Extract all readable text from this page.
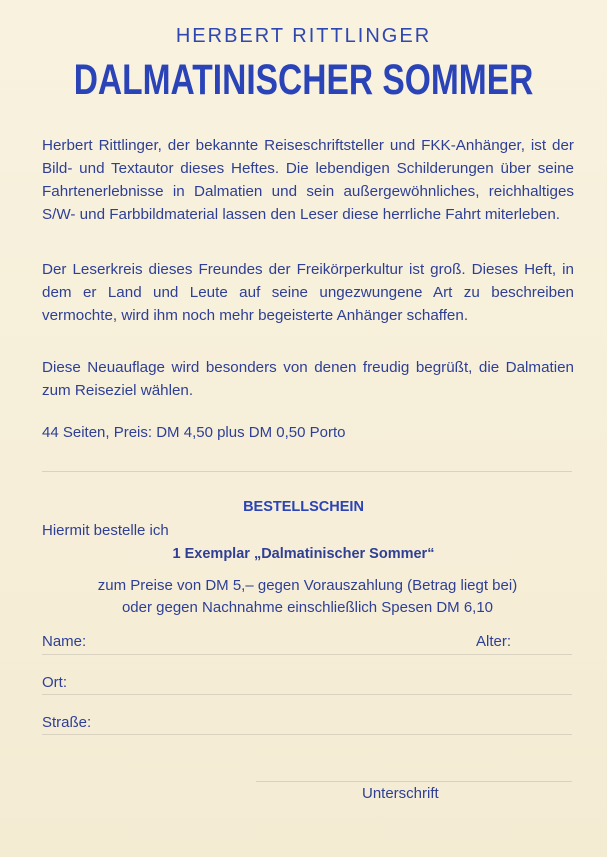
HERBERT RITTLINGER
DALMATINISCHER SOMMER

Herbert Rittlinger, der bekannte Reiseschriftsteller und FKK-Anhänger, ist der Bild- und Textautor dieses Heftes. Die lebendigen Schilderungen über seine Fahrtenerlebnisse in Dalmatien und sein außergewöhnliches, reichhaltiges S/W- und Farbbildmaterial lassen den Leser diese herrliche Fahrt miterleben.

Der Leserkreis dieses Freundes der Freikörperkultur ist groß. Dieses Heft, in dem er Land und Leute auf seine ungezwungene Art zu beschreiben vermochte, wird ihm noch mehr begeisterte Anhänger schaffen.

Diese Neuauflage wird besonders von denen freudig begrüßt, die Dalmatien zum Reiseziel wählen.

44 Seiten, Preis: DM 4,50 plus DM 0,50 Porto
BESTELLSCHEIN
Hiermit bestelle ich
1 Exemplar „Dalmatinischer Sommer“
zum Preise von DM 5,– gegen Vorauszahlung (Betrag liegt bei)
oder gegen Nachnahme einschließlich Spesen DM 6,10
Name:	Alter:
Ort:
Straße:
Unterschrift
